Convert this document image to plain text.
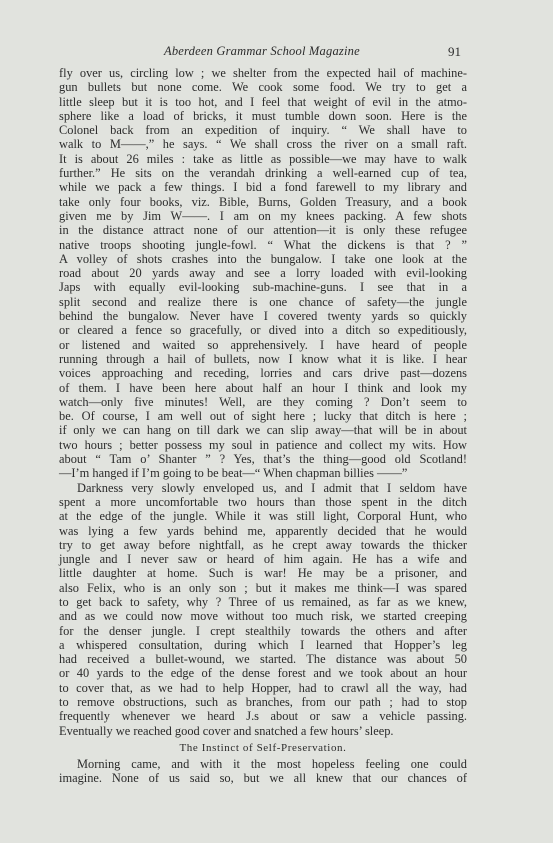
Aberdeen Grammar School Magazine	91
fly over us, circling low ; we shelter from the expected hail of machine-
gun bullets but none come. We cook some food. We try to get a
little sleep but it is too hot, and I feel that weight of evil in the atmo-
sphere like a load of bricks, it must tumble down soon. Here is the
Colonel back from an expedition of inquiry. “ We shall have to
walk to M——,” he says. “ We shall cross the river on a small raft.
It is about 26 miles : take as little as possible—we may have to walk
further.” He sits on the verandah drinking a well-earned cup of tea,
while we pack a few things. I bid a fond farewell to my library and
take only four books, viz. Bible, Burns, Golden Treasury, and a book
given me by Jim W——. I am on my knees packing. A few shots
in the distance attract none of our attention—it is only these refugee
native troops shooting jungle-fowl. “ What the dickens is that ? ”
A volley of shots crashes into the bungalow. I take one look at the
road about 20 yards away and see a lorry loaded with evil-looking
Japs with equally evil-looking sub-machine-guns. I see that in a
split second and realize there is one chance of safety—the jungle
behind the bungalow. Never have I covered twenty yards so quickly
or cleared a fence so gracefully, or dived into a ditch so expeditiously,
or listened and waited so apprehensively. I have heard of people
running through a hail of bullets, now I know what it is like. I hear
voices approaching and receding, lorries and cars drive past—dozens
of them. I have been here about half an hour I think and look my
watch—only five minutes! Well, are they coming ? Don’t seem to
be. Of course, I am well out of sight here ; lucky that ditch is here ;
if only we can hang on till dark we can slip away—that will be in about
two hours ; better possess my soul in patience and collect my wits. How
about “ Tam o’ Shanter ” ? Yes, that’s the thing—good old Scotland!
—I’m hanged if I’m going to be beat—“ When chapman billies ——”
Darkness very slowly enveloped us, and I admit that I seldom have
spent a more uncomfortable two hours than those spent in the ditch
at the edge of the jungle. While it was still light, Corporal Hunt, who
was lying a few yards behind me, apparently decided that he would
try to get away before nightfall, as he crept away towards the thicker
jungle and I never saw or heard of him again. He has a wife and
little daughter at home. Such is war! He may be a prisoner, and
also Felix, who is an only son ; but it makes me think—I was spared
to get back to safety, why ? Three of us remained, as far as we knew,
and as we could now move without too much risk, we started creeping
for the denser jungle. I crept stealthily towards the others and after
a whispered consultation, during which I learned that Hopper’s leg
had received a bullet-wound, we started. The distance was about 50
or 40 yards to the edge of the dense forest and we took about an hour
to cover that, as we had to help Hopper, had to crawl all the way, had
to remove obstructions, such as branches, from our path ; had to stop
frequently whenever we heard J.s about or saw a vehicle passing.
Eventually we reached good cover and snatched a few hours’ sleep.
The Instinct of Self-Preservation.
Morning came, and with it the most hopeless feeling one could
imagine. None of us said so, but we all knew that our chances of
